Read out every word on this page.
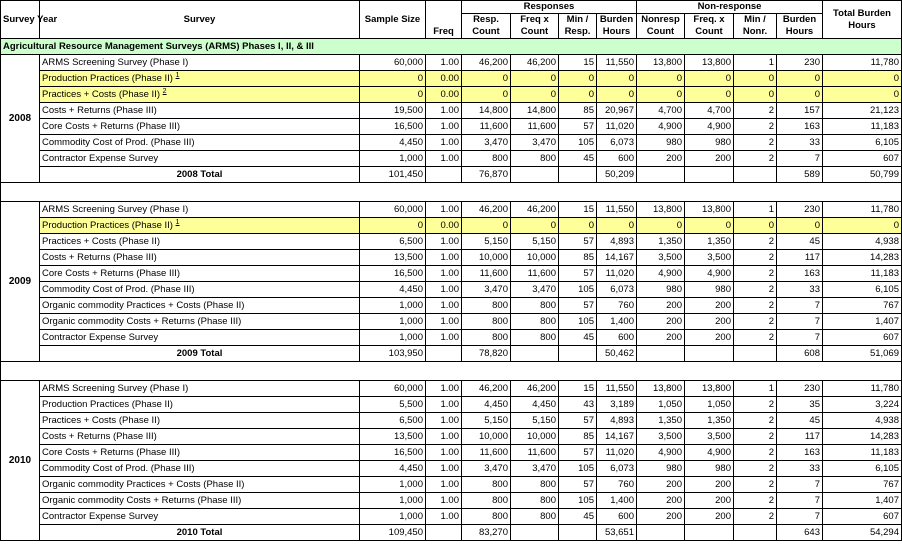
Survey Year	Survey	Sample Size	Freq	Responses				Non-response				Total Burden Hours
				Resp. Count	Freq x Count	Min / Resp.	Burden Hours	Nonresp Count	Freq. x Count	Min / Nonr.	Burden Hours	
Agricultural Resource Management Surveys (ARMS) Phases I, II, & III												
2008	ARMS Screening Survey (Phase I)	60,000	1.00	46,200	46,200	15	11,550	13,800	13,800	1	230	11,780
	Production Practices (Phase II) $^1$	0	0.00	0	0	0	0	0	0	0	0	0
	Practices + Costs (Phase II) $^2$	0	0.00	0	0	0	0	0	0	0	0	0
	Costs + Returns (Phase III)	19,500	1.00	14,800	14,800	85	20,967	4,700	4,700	2	157	21,123
	Core Costs + Returns (Phase III)	16,500	1.00	11,600	11,600	57	11,020	4,900	4,900	2	163	11,183
	Commodity Cost of Prod. (Phase III)	4,450	1.00	3,470	3,470	105	6,073	980	980	2	33	6,105
	Contractor Expense Survey	1,000	1.00	800	800	45	600	200	200	2	7	607
	2008 Total	101,450		76,870			50,209				589	50,799

2009	ARMS Screening Survey (Phase I)	60,000	1.00	46,200	46,200	15	11,550	13,800	13,800	1	230	11,780
	Production Practices (Phase II) $^1$	0	0.00	0	0	0	0	0	0	0	0	0
	Practices + Costs (Phase II)	6,500	1.00	5,150	5,150	57	4,893	1,350	1,350	2	45	4,938
	Costs + Returns (Phase III)	13,500	1.00	10,000	10,000	85	14,167	3,500	3,500	2	117	14,283
	Core Costs + Returns (Phase III)	16,500	1.00	11,600	11,600	57	11,020	4,900	4,900	2	163	11,183
	Commodity Cost of Prod. (Phase III)	4,450	1.00	3,470	3,470	105	6,073	980	980	2	33	6,105
	Organic commodity Practices + Costs (Phase II)	1,000	1.00	800	800	57	760	200	200	2	7	767
	Organic commodity Costs + Returns (Phase III)	1,000	1.00	800	800	105	1,400	200	200	2	7	1,407
	Contractor Expense Survey	1,000	1.00	800	800	45	600	200	200	2	7	607
	2009 Total	103,950		78,820			50,462				608	51,069

2010	ARMS Screening Survey (Phase I)	60,000	1.00	46,200	46,200	15	11,550	13,800	13,800	1	230	11,780
	Production Practices (Phase II)	5,500	1.00	4,450	4,450	43	3,189	1,050	1,050	2	35	3,224
	Practices + Costs (Phase II)	6,500	1.00	5,150	5,150	57	4,893	1,350	1,350	2	45	4,938
	Costs + Returns (Phase III)	13,500	1.00	10,000	10,000	85	14,167	3,500	3,500	2	117	14,283
	Core Costs + Returns (Phase III)	16,500	1.00	11,600	11,600	57	11,020	4,900	4,900	2	163	11,183
	Commodity Cost of Prod. (Phase III)	4,450	1.00	3,470	3,470	105	6,073	980	980	2	33	6,105
	Organic commodity Practices + Costs (Phase II)	1,000	1.00	800	800	57	760	200	200	2	7	767
	Organic commodity Costs + Returns (Phase III)	1,000	1.00	800	800	105	1,400	200	200	2	7	1,407
	Contractor Expense Survey	1,000	1.00	800	800	45	600	200	200	2	7	607
	2010 Total	109,450		83,270			53,651				643	54,294
